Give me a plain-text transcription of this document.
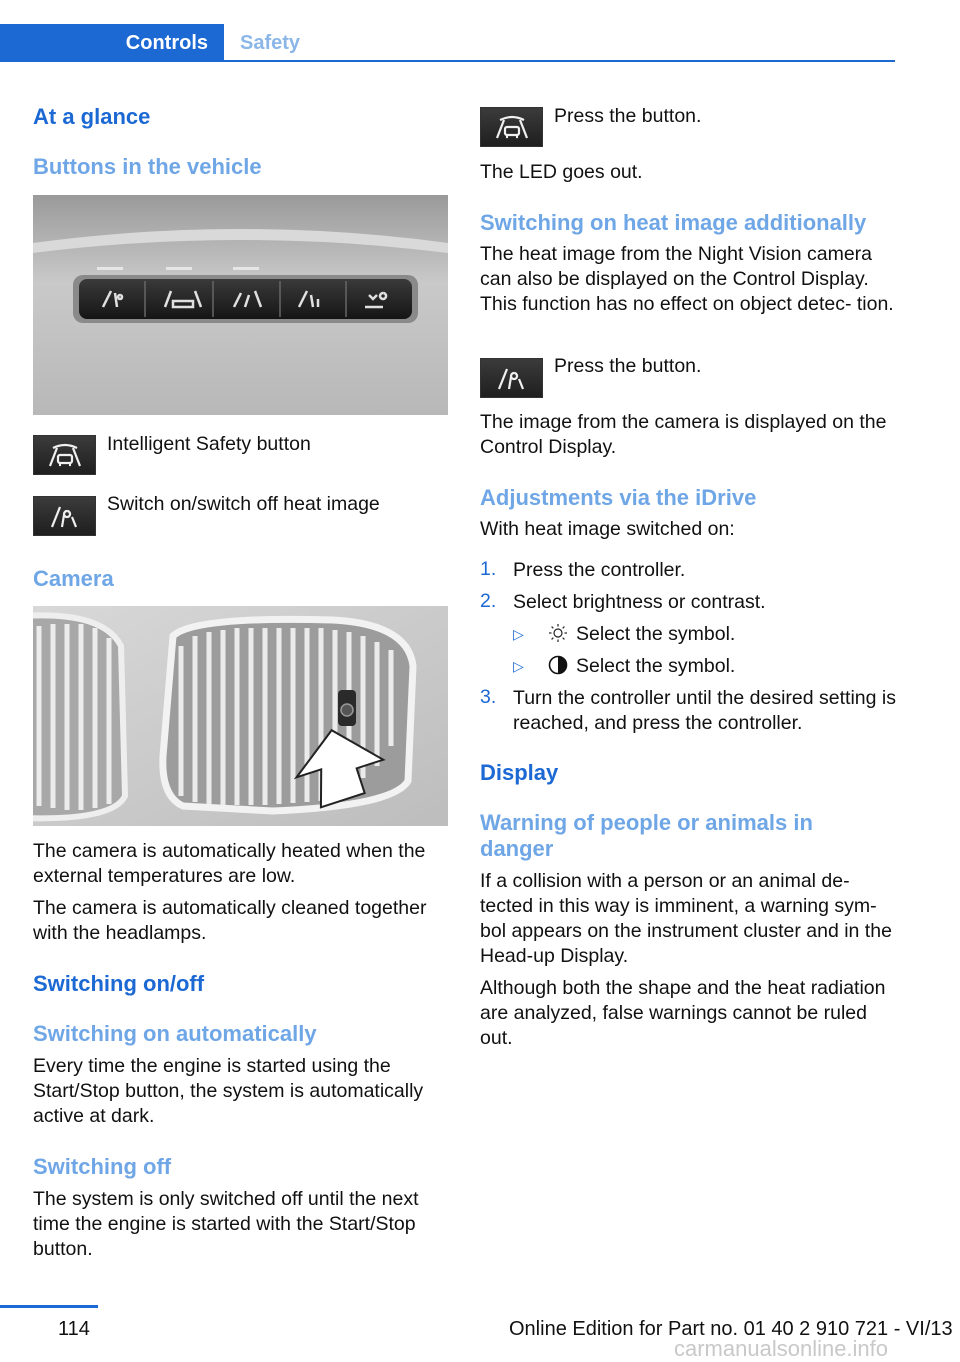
Controls	Safety
At a glance
Buttons in the vehicle
Intelligent Safety button
Switch on/switch off heat image
Camera
The camera is automatically heated when the external temperatures are low.
The camera is automatically cleaned together with the headlamps.
Switching on/off
Switching on automatically
Every time the engine is started using the Start/Stop button, the system is automatically active at dark.
Switching off
The system is only switched off until the next time the engine is started with the Start/Stop button.
Press the button.
The LED goes out.
Switching on heat image additionally
The heat image from the Night Vision camera can also be displayed on the Control Display. This function has no effect on object detec‐ tion.
Press the button.
The image from the camera is displayed on the Control Display.
Adjustments via the iDrive
With heat image switched on:
1. Press the controller.
2. Select brightness or contrast.
▷	Select the symbol.
▷	Select the symbol.
3. Turn the controller until the desired setting is reached, and press the controller.
Display
Warning of people or animals in danger
If a collision with a person or an animal de‐ tected in this way is imminent, a warning sym‐ bol appears on the instrument cluster and in the Head-up Display.
Although both the shape and the heat radiation are analyzed, false warnings cannot be ruled out.
114	Online Edition for Part no. 01 40 2 910 721 - VI/13
carmanualsonline.info
